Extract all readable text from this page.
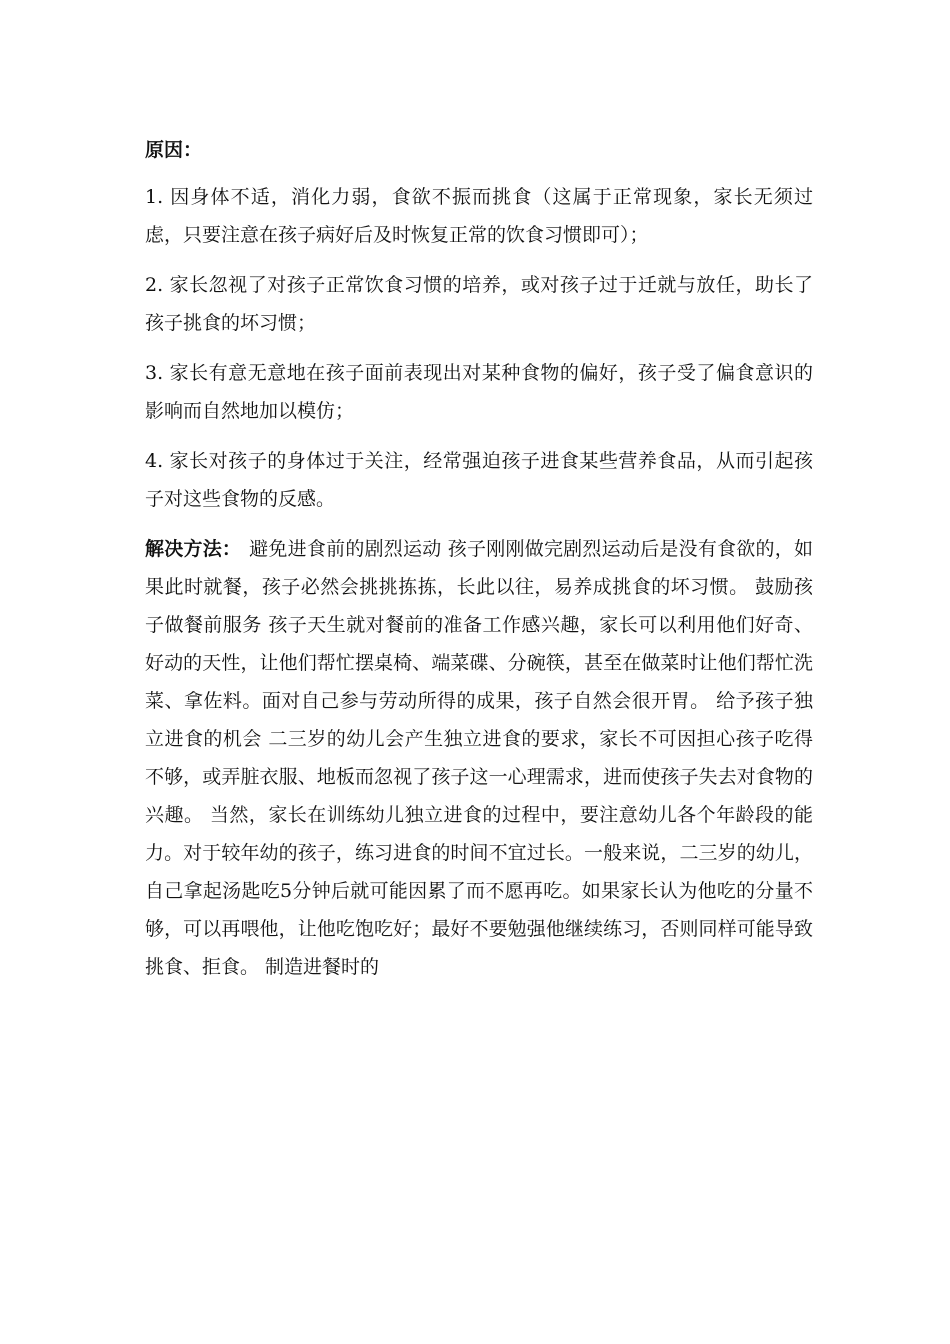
原因：

1. 因身体不适，消化力弱，食欲不振而挑食（这属于正常现象，家长无须过虑，只要注意在孩子病好后及时恢复正常的饮食习惯即可）；

2. 家长忽视了对孩子正常饮食习惯的培养，或对孩子过于迁就与放任，助长了孩子挑食的坏习惯；

3. 家长有意无意地在孩子面前表现出对某种食物的偏好，孩子受了偏食意识的影响而自然地加以模仿；

4. 家长对孩子的身体过于关注，经常强迫孩子进食某些营养食品，从而引起孩子对这些食物的反感。

解决方法： 避免进食前的剧烈运动 孩子刚刚做完剧烈运动后是没有食欲的，如果此时就餐，孩子必然会挑挑拣拣，长此以往，易养成挑食的坏习惯。 鼓励孩子做餐前服务 孩子天生就对餐前的准备工作感兴趣，家长可以利用他们好奇、好动的天性，让他们帮忙摆桌椅、端菜碟、分碗筷，甚至在做菜时让他们帮忙洗菜、拿佐料。面对自己参与劳动所得的成果，孩子自然会很开胃。 给予孩子独立进食的机会 二三岁的幼儿会产生独立进食的要求，家长不可因担心孩子吃得不够，或弄脏衣服、地板而忽视了孩子这一心理需求，进而使孩子失去对食物的兴趣。 当然，家长在训练幼儿独立进食的过程中，要注意幼儿各个年龄段的能力。对于较年幼的孩子，练习进食的时间不宜过长。一般来说，二三岁的幼儿，自己拿起汤匙吃5分钟后就可能因累了而不愿再吃。如果家长认为他吃的分量不够，可以再喂他，让他吃饱吃好；最好不要勉强他继续练习，否则同样可能导致挑食、拒食。 制造进餐时的
